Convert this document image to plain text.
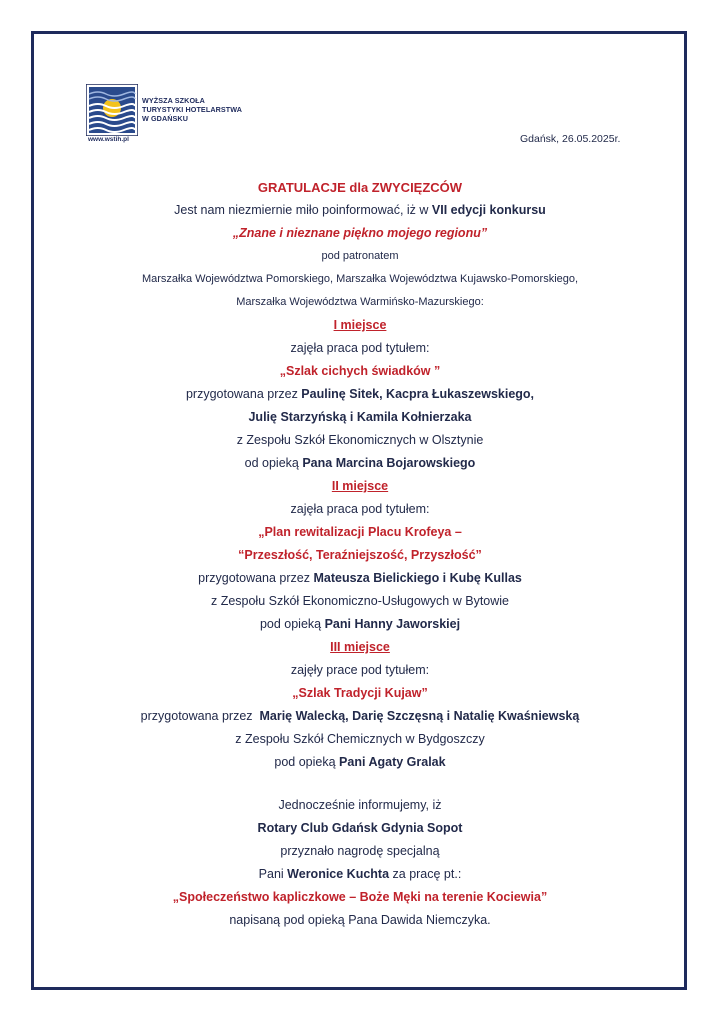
WYŻSZA SZKOŁA
TURYSTYKI HOTELARSTWA
W GDAŃSKU
www.wstih.pl	Gdańsk, 26.05.2025r.
GRATULACJE dla ZWYCIĘZCÓW
Jest nam niezmiernie miło poinformować, iż w VII edycji konkursu
„Znane i nieznane piękno mojego regionu”
pod patronatem
Marszałka Województwa Pomorskiego, Marszałka Województwa Kujawsko-Pomorskiego,
Marszałka Województwa Warmińsko-Mazurskiego:
I miejsce
zajęła praca pod tytułem:
„Szlak cichych świadków ”
przygotowana przez Paulinę Sitek, Kacpra Łukaszewskiego,
Julię Starzyńską i Kamila Kołnierzaka
z Zespołu Szkół Ekonomicznych w Olsztynie
od opieką Pana Marcina Bojarowskiego
II miejsce
zajęła praca pod tytułem:
„Plan rewitalizacji Placu Krofeya –
“Przeszłość, Teraźniejszość, Przyszłość”
przygotowana przez Mateusza Bielickiego i Kubę Kullas
z Zespołu Szkół Ekonomiczno-Usługowych w Bytowie
pod opieką Pani Hanny Jaworskiej
III miejsce
zajęły prace pod tytułem:
„Szlak Tradycji Kujaw”
przygotowana przez  Marię Walecką, Darię Szczęsną i Natalię Kwaśniewską
z Zespołu Szkół Chemicznych w Bydgoszczy
pod opieką Pani Agaty Gralak
Jednocześnie informujemy, iż
Rotary Club Gdańsk Gdynia Sopot
przyznało nagrodę specjalną
Pani Weronice Kuchta za pracę pt.:
„Społeczeństwo kapliczkowe – Boże Męki na terenie Kociewia”
napisaną pod opieką Pana Dawida Niemczyka.
